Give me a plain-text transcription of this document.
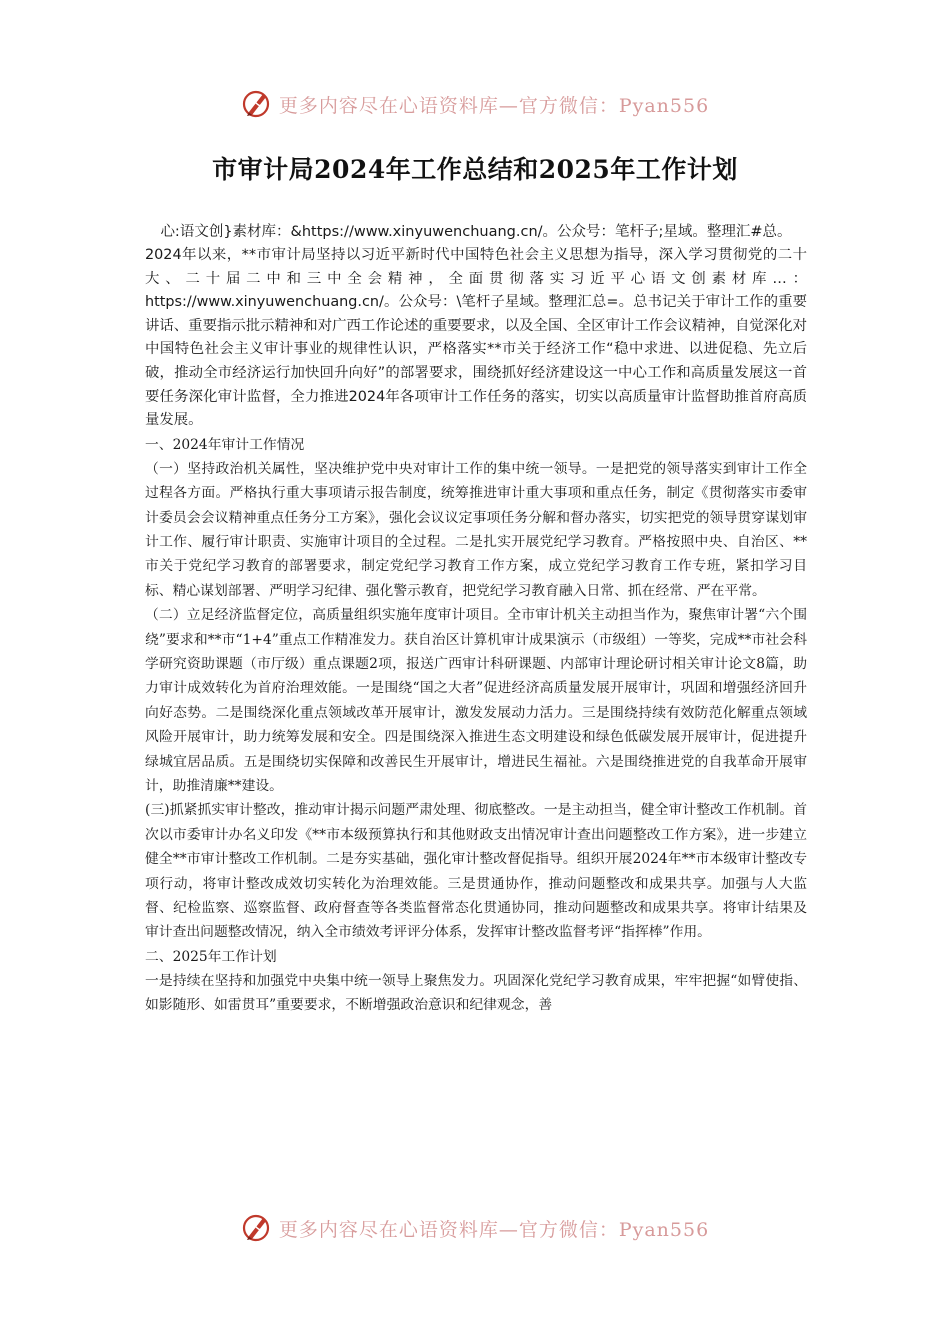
更多内容尽在心语资料库—官方微信：Pyan556
市审计局2024年工作总结和2025年工作计划

心:语文创}素材库：&https://www.xinyuwenchuang.cn/。公众号：笔杆子;星域。整理汇#总。

2024年以来，**市审计局坚持以习近平新时代中国特色社会主义思想为指导，深入学习贯彻党的二十大、二十届二中和三中全会精神，全面贯彻落实习近平心语文创素材库…：https://www.xinyuwenchuang.cn/。公众号：\笔杆子星域。整理汇总=。总书记关于审计工作的重要讲话、重要指示批示精神和对广西工作论述的重要要求，以及全国、全区审计工作会议精神，自觉深化对中国特色社会主义审计事业的规律性认识，严格落实**市关于经济工作“稳中求进、以进促稳、先立后破，推动全市经济运行加快回升向好”的部署要求，围绕抓好经济建设这一中心工作和高质量发展这一首要任务深化审计监督，全力推进2024年各项审计工作任务的落实，切实以高质量审计监督助推首府高质量发展。

一、2024年审计工作情况

（一）坚持政治机关属性，坚决维护党中央对审计工作的集中统一领导。一是把党的领导落实到审计工作全过程各方面。严格执行重大事项请示报告制度，统筹推进审计重大事项和重点任务，制定《贯彻落实市委审计委员会会议精神重点任务分工方案》，强化会议议定事项任务分解和督办落实，切实把党的领导贯穿谋划审计工作、履行审计职责、实施审计项目的全过程。二是扎实开展党纪学习教育。严格按照中央、自治区、**市关于党纪学习教育的部署要求，制定党纪学习教育工作方案，成立党纪学习教育工作专班，紧扣学习目标、精心谋划部署、严明学习纪律、强化警示教育，把党纪学习教育融入日常、抓在经常、严在平常。

（二）立足经济监督定位，高质量组织实施年度审计项目。全市审计机关主动担当作为，聚焦审计署“六个围绕”要求和**市“1+4”重点工作精准发力。获自治区计算机审计成果演示（市级组）一等奖，完成**市社会科学研究资助课题（市厅级）重点课题2项，报送广西审计科研课题、内部审计理论研讨相关审计论文8篇，助力审计成效转化为首府治理效能。一是围绕“国之大者”促进经济高质量发展开展审计，巩固和增强经济回升向好态势。二是围绕深化重点领域改革开展审计，激发发展动力活力。三是围绕持续有效防范化解重点领域风险开展审计，助力统筹发展和安全。四是围绕深入推进生态文明建设和绿色低碳发展开展审计，促进提升绿城宜居品质。五是围绕切实保障和改善民生开展审计，增进民生福祉。六是围绕推进党的自我革命开展审计，助推清廉**建设。

(三)抓紧抓实审计整改，推动审计揭示问题严肃处理、彻底整改。一是主动担当，健全审计整改工作机制。首次以市委审计办名义印发《**市本级预算执行和其他财政支出情况审计查出问题整改工作方案》，进一步建立健全**市审计整改工作机制。二是夯实基础，强化审计整改督促指导。组织开展2024年**市本级审计整改专项行动，将审计整改成效切实转化为治理效能。三是贯通协作，推动问题整改和成果共享。加强与人大监督、纪检监察、巡察监督、政府督查等各类监督常态化贯通协同，推动问题整改和成果共享。将审计结果及审计查出问题整改情况，纳入全市绩效考评评分体系，发挥审计整改监督考评“指挥棒”作用。

二、2025年工作计划

一是持续在坚持和加强党中央集中统一领导上聚焦发力。巩固深化党纪学习教育成果，牢牢把握“如臂使指、如影随形、如雷贯耳”重要要求，不断增强政治意识和纪律观念，善

更多内容尽在心语资料库—官方微信：Pyan556
